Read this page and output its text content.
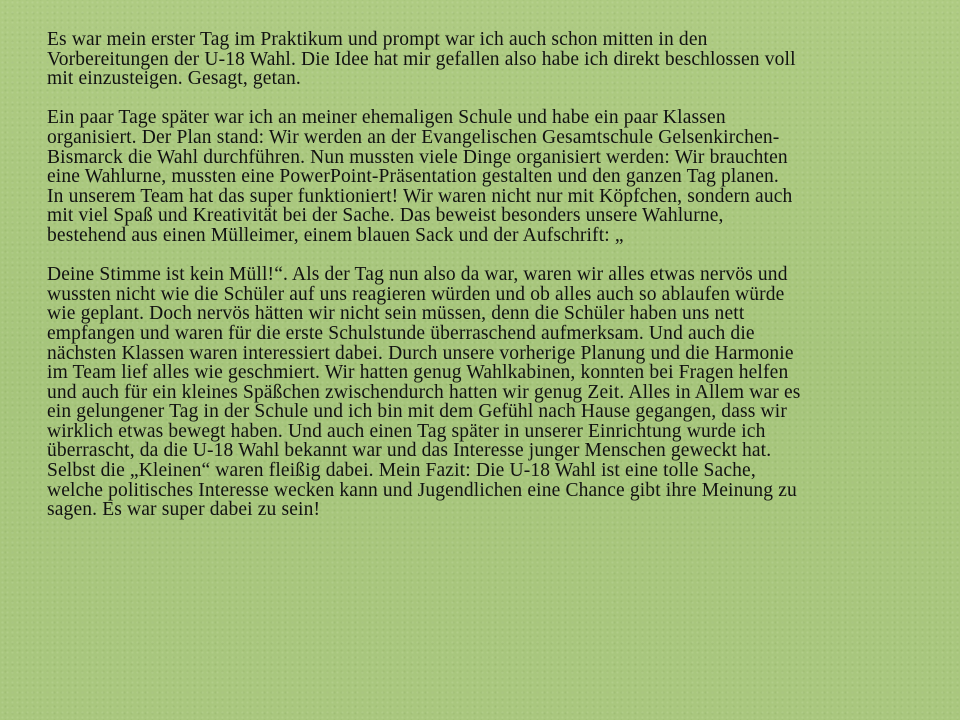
Es war mein erster Tag im Praktikum und prompt war ich auch schon mitten in den
Vorbereitungen der U-18 Wahl. Die Idee hat mir gefallen also habe ich direkt beschlossen voll
mit einzusteigen. Gesagt, getan.

Ein paar Tage später war ich an meiner ehemaligen Schule und habe ein paar Klassen
organisiert. Der Plan stand: Wir werden an der Evangelischen Gesamtschule Gelsenkirchen-
Bismarck die Wahl durchführen. Nun mussten viele Dinge organisiert werden: Wir brauchten
eine Wahlurne, mussten eine PowerPoint-Präsentation gestalten und den ganzen Tag planen.
In unserem Team hat das super funktioniert! Wir waren nicht nur mit Köpfchen, sondern auch
mit viel Spaß und Kreativität bei der Sache. Das beweist besonders unsere Wahlurne,
bestehend aus einen Mülleimer, einem blauen Sack und der Aufschrift: „

Deine Stimme ist kein Müll!“. Als der Tag nun also da war, waren wir alles etwas nervös und
wussten nicht wie die Schüler auf uns reagieren würden und ob alles auch so ablaufen würde
wie geplant. Doch nervös hätten wir nicht sein müssen, denn die Schüler haben uns nett
empfangen und waren für die erste Schulstunde überraschend aufmerksam. Und auch die
nächsten Klassen waren interessiert dabei. Durch unsere vorherige Planung und die Harmonie
im Team lief alles wie geschmiert. Wir hatten genug Wahlkabinen, konnten bei Fragen helfen
und auch für ein kleines Späßchen zwischendurch hatten wir genug Zeit. Alles in Allem war es
ein gelungener Tag in der Schule und ich bin mit dem Gefühl nach Hause gegangen, dass wir
wirklich etwas bewegt haben. Und auch einen Tag später in unserer Einrichtung wurde ich
überrascht, da die U-18 Wahl bekannt war und das Interesse junger Menschen geweckt hat.
Selbst die „Kleinen“ waren fleißig dabei. Mein Fazit: Die U-18 Wahl ist eine tolle Sache,
welche politisches Interesse wecken kann und Jugendlichen eine Chance gibt ihre Meinung zu
sagen. Es war super dabei zu sein!
